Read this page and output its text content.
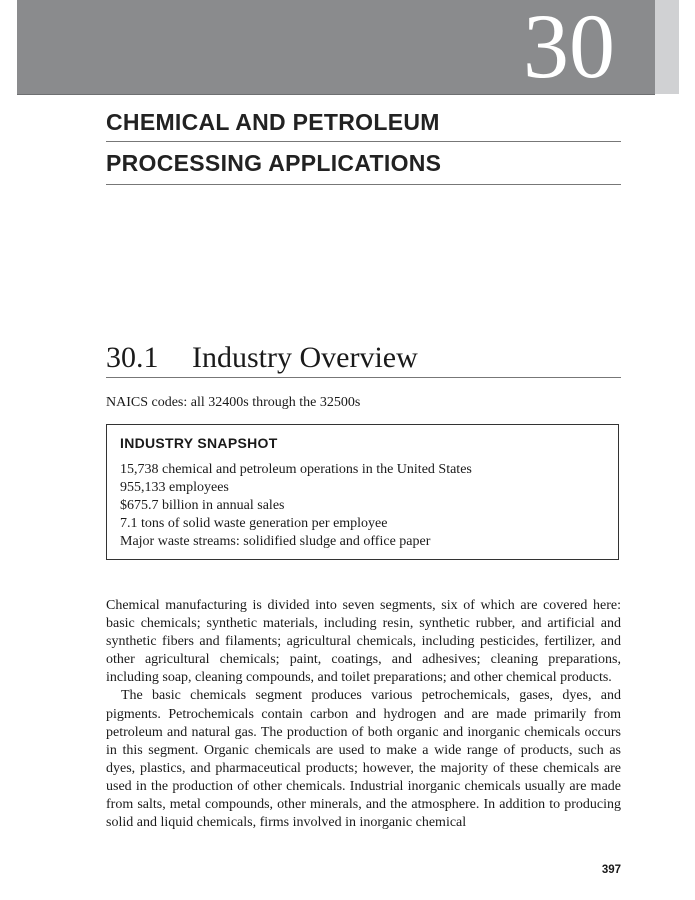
30
CHEMICAL AND PETROLEUM
PROCESSING APPLICATIONS
30.1 Industry Overview
NAICS codes: all 32400s through the 32500s
INDUSTRY SNAPSHOT
15,738 chemical and petroleum operations in the United States
955,133 employees
$675.7 billion in annual sales
7.1 tons of solid waste generation per employee
Major waste streams: solidified sludge and office paper

Chemical manufacturing is divided into seven segments, six of which are covered here: basic chemicals; synthetic materials, including resin, synthetic rubber, and artificial and synthetic fibers and filaments; agricultural chemicals, including pesticides, fertilizer, and other agricultural chemicals; paint, coatings, and adhesives; cleaning preparations, including soap, cleaning compounds, and toilet preparations; and other chemical products.

The basic chemicals segment produces various petrochemicals, gases, dyes, and pigments. Petrochemicals contain carbon and hydrogen and are made primarily from petroleum and natural gas. The production of both organic and inorganic chemicals occurs in this segment. Organic chemicals are used to make a wide range of products, such as dyes, plastics, and pharmaceutical products; however, the majority of these chemicals are used in the production of other chemicals. Industrial inorganic chemicals usually are made from salts, metal compounds, other minerals, and the atmosphere. In addition to producing solid and liquid chemicals, firms involved in inorganic chemical

397
